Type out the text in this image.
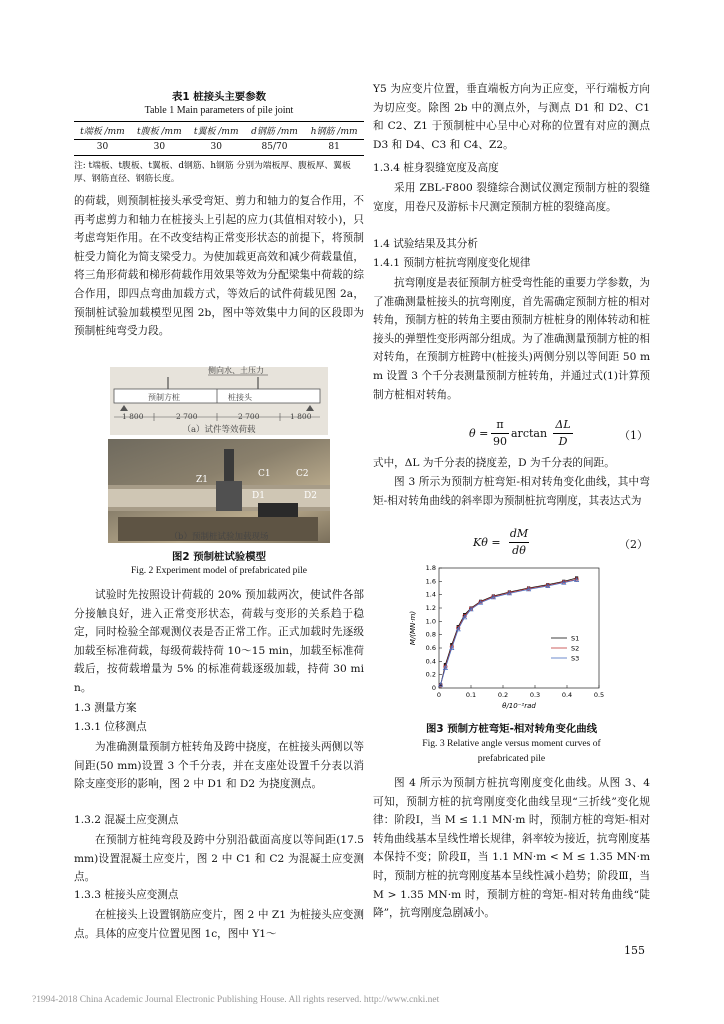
表1 桩接头主要参数
Table 1 Main parameters of pile joint
t端板 /mm	t腹板 /mm	t翼板 /mm	d钢筋 /mm	h钢筋 /mm
30	30	30	85/70	81
注: t端板、t腹板、t翼板、d钢筋、h钢筋 分别为端板厚、腹板厚、翼板厚、钢筋直径、钢筋长度。

的荷载，则预制桩接头承受弯矩、剪力和轴力的复合作用，不再考虑剪力和轴力在桩接头上引起的应力(其值相对较小)，只考虑弯矩作用。在不改变结构正常变形状态的前提下，将预制桩受力简化为简支梁受力。为使加载更高效和减少荷载量值，将三角形荷载和梯形荷载作用效果等效为分配梁集中荷载的综合作用，即四点弯曲加载方式，等效后的试件荷载见图 2a，预制桩试验加载模型见图 2b，图中等效集中力间的区段即为预制桩纯弯受力段。

侧向水、土压力
预制方桩	桩接头
1 800	2 700	2 700	1 800
（a）试件等效荷载
Z1
C1	C2
D1	D2
（b）预制桩试验加载现场
图2 预制桩试验模型
Fig. 2 Experiment model of prefabricated pile

试验时先按照设计荷载的 20% 预加载两次，使试件各部分接触良好，进入正常变形状态，荷载与变形的关系趋于稳定，同时检验全部观测仪表是否正常工作。正式加载时先逐级加载至标准荷载，每级荷载持荷 10～15 min，加载至标准荷载后，按荷载增量为 5% 的标准荷载逐级加载，持荷 30 min。

1.3 测量方案
1.3.1 位移测点

为准确测量预制方桩转角及跨中挠度，在桩接头两侧以等间距(50 mm)设置 3 个千分表，并在支座处设置千分表以消除支座变形的影响，图 2 中 D1 和 D2 为挠度测点。

1.3.2 混凝土应变测点

在预制方桩纯弯段及跨中分别沿截面高度以等间距(17.5 mm)设置混凝土应变片，图 2 中 C1 和 C2 为混凝土应变测点。

1.3.3 桩接头应变测点

在桩接头上设置钢筋应变片，图 2 中 Z1 为桩接头应变测点。具体的应变片位置见图 1c，图中 Y1～

Y5 为应变片位置，垂直端板方向为正应变，平行端板方向为切应变。除图 2b 中的测点外，与测点 D1 和 D2、C1 和 C2、Z1 于预制桩中心呈中心对称的位置有对应的测点 D3 和 D4、C3 和 C4、Z2。

1.3.4 桩身裂缝宽度及高度

采用 ZBL-F800 裂缝综合测试仪测定预制方桩的裂缝宽度，用卷尺及游标卡尺测定预制方桩的裂缝高度。

1.4 试验结果及其分析
1.4.1 预制方桩抗弯刚度变化规律

抗弯刚度是表征预制方桩受弯性能的重要力学参数，为了准确测量桩接头的抗弯刚度，首先需确定预制方桩的相对转角，预制方桩的转角主要由预制方桩桩身的刚体转动和桩接头的弹塑性变形两部分组成。为了准确测量预制方桩的相对转角，在预制方桩跨中(桩接头)两侧分别以等间距 50 mm 设置 3 个千分表测量预制方桩转角，并通过式(1)计算预制方桩相对转角。

θ =
π
90
arctan
ΔL
D	（1）

式中，ΔL 为千分表的挠度差，D 为千分表的间距。

图 3 所示为预制方桩弯矩-相对转角变化曲线，其中弯矩-相对转角曲线的斜率即为预制桩抗弯刚度，其表达式为

Kθ =
dM
dθ	（2）
0	0.1	0.2	0.3	0.4	0.5
0
0.2
0.4
0.6
0.8
1.0
1.2
1.4
1.6
1.8
θ/10⁻²rad
M/(MN·m)	S1
S2
S3
图3 预制方桩弯矩-相对转角变化曲线
Fig. 3 Relative angle versus moment curves of
prefabricated pile

图 4 所示为预制方桩抗弯刚度变化曲线。从图 3、4 可知，预制方桩的抗弯刚度变化曲线呈现“三折线”变化规律：阶段Ⅰ，当 M ≤ 1.1 MN·m 时，预制方桩的弯矩-相对转角曲线基本呈线性增长规律，斜率较为接近，抗弯刚度基本保持不变；阶段Ⅱ，当 1.1 MN·m < M ≤ 1.35 MN·m 时，预制方桩的抗弯刚度基本呈线性减小趋势；阶段Ⅲ，当 M > 1.35 MN·m 时，预制方桩的弯矩-相对转角曲线“陡降”，抗弯刚度急剧减小。

155
?1994-2018 China Academic Journal Electronic Publishing House. All rights reserved. http://www.cnki.net
